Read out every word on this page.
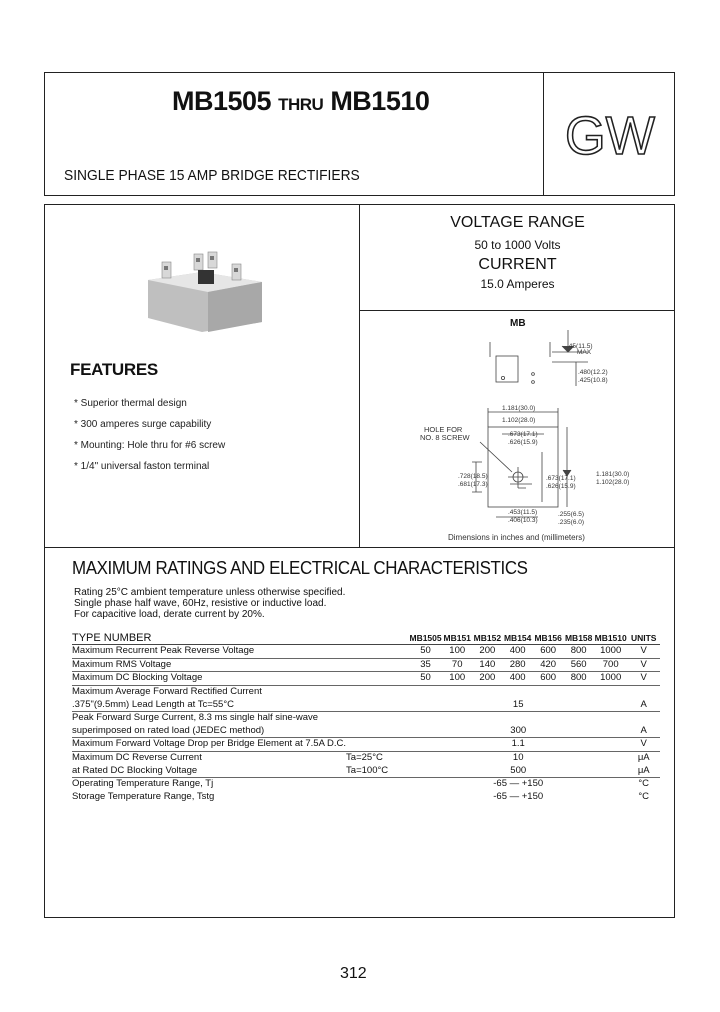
MB1505 THRU MB1510
SINGLE PHASE 15 AMP BRIDGE RECTIFIERS
GW
VOLTAGE RANGE
50 to 1000 Volts
CURRENT
15.0 Amperes
FEATURES
* Superior thermal design
* 300 amperes surge capability
* Mounting: Hole thru for #6 screw
* 1/4" universal faston terminal
MB
.45(11.5)
MAX
.480(12.2)
.425(10.8)
1.181(30.0)
1.102(28.0)
.673(17.1)
.626(15.9)
.728(18.5)
.681(17.3)
.673(17.1)
.626(15.9)
1.181(30.0)
1.102(28.0)
.453(11.5)
.406(10.3)
.255(6.5)
.235(6.0)
HOLE FOR
NO. 8 SCREW
Dimensions in inches and (millimeters)
MAXIMUM RATINGS AND ELECTRICAL CHARACTERISTICS
Rating 25°C ambient temperature unless otherwise specified.
Single phase half wave, 60Hz, resistive or inductive load.
For capacitive load, derate current by 20%.
TYPE NUMBER		MB1505	MB151	MB152	MB154	MB156	MB158	MB1510	UNITS
Maximum Recurrent Peak Reverse Voltage		50	100	200	400	600	800	1000	V
Maximum RMS Voltage		35	70	140	280	420	560	700	V
Maximum DC Blocking Voltage		50	100	200	400	600	800	1000	V
Maximum Average Forward Rectified Current									
.375"(9.5mm) Lead Length at Tc=55°C		15							A
Peak Forward Surge Current, 8.3 ms single half sine-wave									
superimposed on rated load (JEDEC method)		300							A
Maximum Forward Voltage Drop per Bridge Element at 7.5A D.C.		1.1							V
Maximum DC Reverse Current	Ta=25°C	10							μA
at Rated DC Blocking Voltage	Ta=100°C	500							μA
Operating Temperature Range, Tj		-65 — +150							°C
Storage Temperature Range, Tstg		-65 — +150							°C
312
